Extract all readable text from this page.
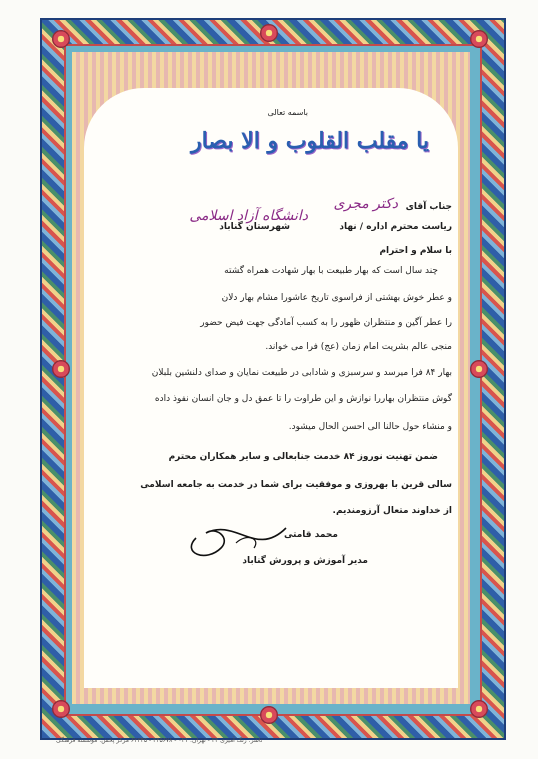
باسمه تعالی
یا مقلب القلوب و الا بصار
جناب آقای
دکتر مجری
دانشگاه آزاد اسلامی
ریاست محترم اداره / نهاد
شهرستان گناباد
با سلام و احترام
چند سال است که بهار طبیعت با بهار شهادت همراه گشته
و عطر خوش بهشتی از فراسوی تاریخ عاشورا مشام بهار دلان
را عطر آگین و منتظران ظهور را به کسب آمادگی جهت فیض حضور
منجی عالم بشریت امام زمان (عج) فرا می خواند.
بهار ۸۴ فرا میرسد و سرسبزی و شادابی در طبیعت نمایان و صدای دلنشین بلبلان
گوش منتظران بهاررا نوازش و این طراوت را تا عمق دل و جان انسان نفوذ داده
و منشاء حول حالنا الی احسن الحال میشود.
ضمن تهنیت نوروز ۸۴ خدمت جنابعالی و سایر همکاران محترم
سالی قرین با بهروزی و موفقیت برای شما در خدمت به جامعه اسلامی
از خداوند متعال آرزومندیم.
محمد قامتی
مدیر آموزش و پرورش گناباد
ناشر: رنگ آمیزی ۳۴ - تهران: ۰۲۱ - ۳۴۵۶۷۸ - ۶۲۳۴۵ مرکز پخش: موسسه فرهنگی
